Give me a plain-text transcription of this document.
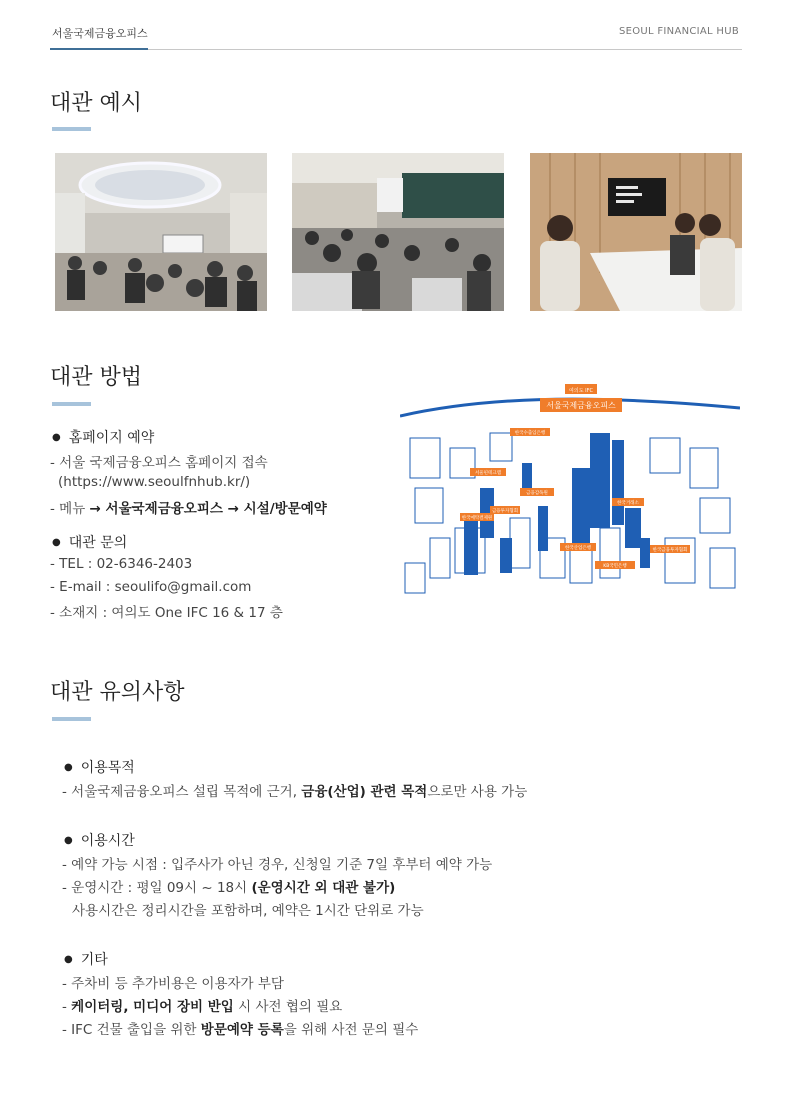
서울국제금융오피스	SEOUL FINANCIAL HUB
대관 예시
대관 방법
● 홈페이지 예약
- 서울 국제금융오피스 홈페이지 접속
(https://www.seoulfnhub.kr/)
- 메뉴 → 서울국제금융오피스 → 시설/방문예약
● 대관 문의
- TEL : 02-6346-2403
- E-mail : seoulifo@gmail.com
- 소재지 : 여의도 One IFC 16 & 17 층
서울국제금융오피스
여의도 IFC
한국수출입은행
서울핀테크랩
금융감독원
한국거래소
한국예탁결제원
금융투자협회
한국산업은행	한국금융투자협회
KB국민은행
대관 유의사항
● 이용목적
- 서울국제금융오피스 설립 목적에 근거, 금융(산업) 관련 목적으로만 사용 가능
● 이용시간
- 예약 가능 시점 : 입주사가 아닌 경우, 신청일 기준 7일 후부터 예약 가능
- 운영시간 : 평일 09시 ~ 18시 (운영시간 외 대관 불가)
사용시간은 정리시간을 포함하며, 예약은 1시간 단위로 가능
● 기타
- 주차비 등 추가비용은 이용자가 부담
- 케이터링, 미디어 장비 반입 시 사전 협의 필요
- IFC 건물 출입을 위한 방문예약 등록을 위해 사전 문의 필수
